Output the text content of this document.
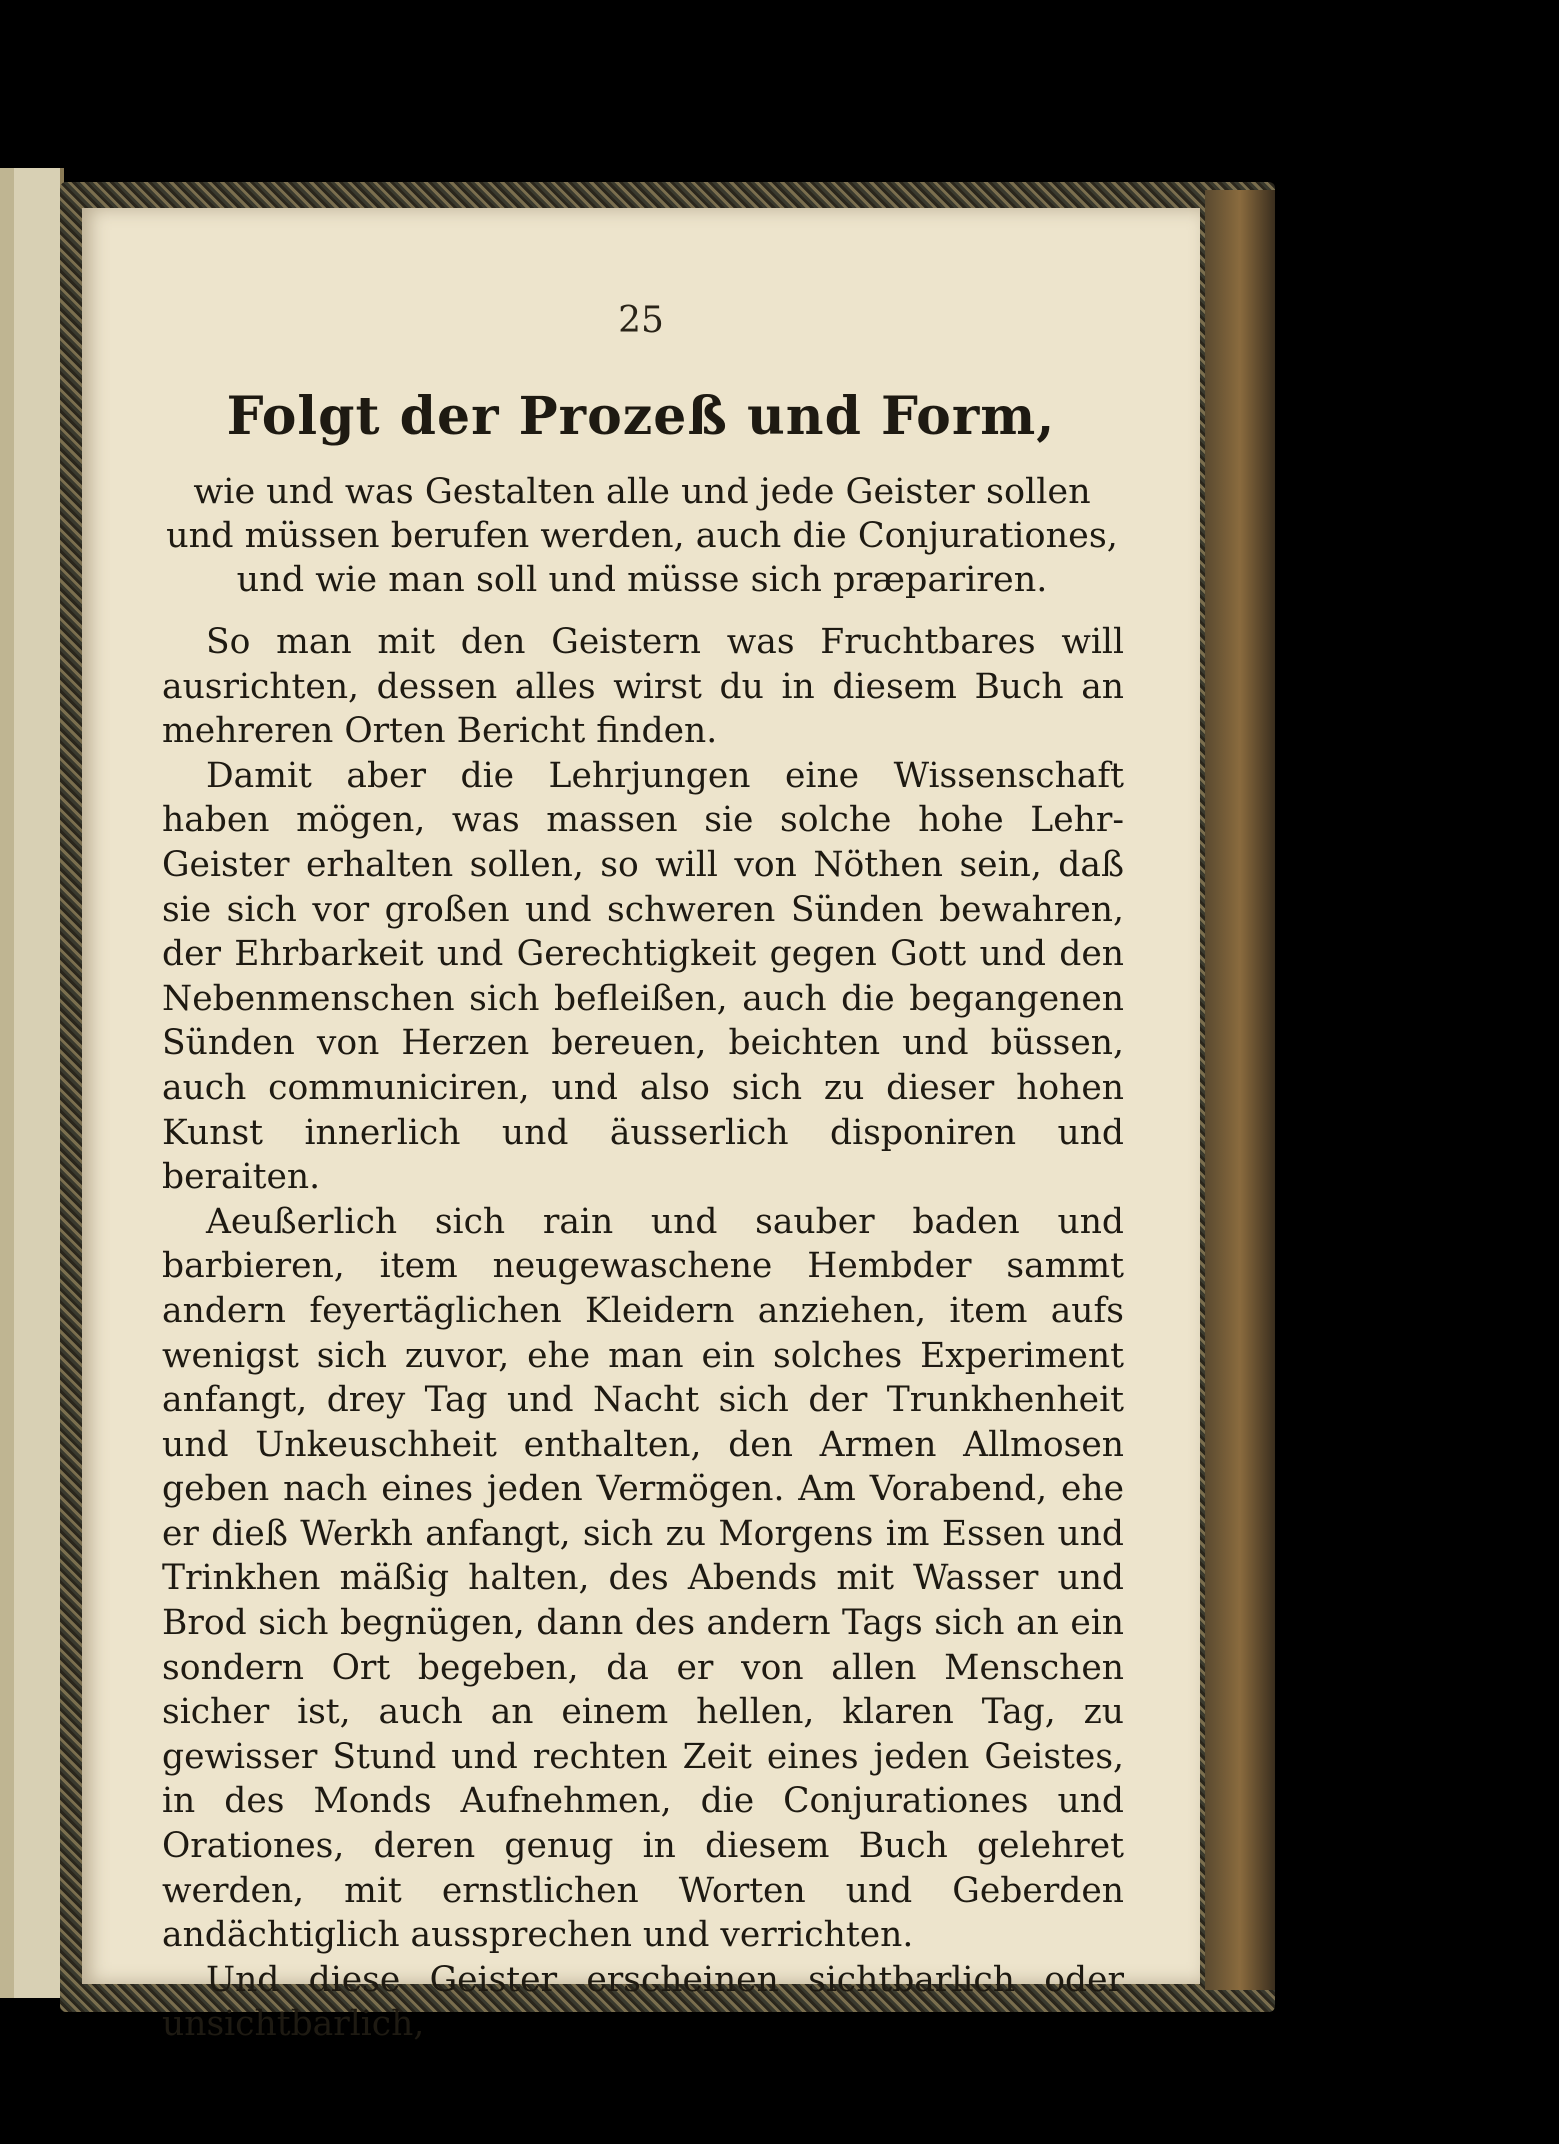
25
Folgt der Prozeß und Form,
wie und was Gestalten alle und jede Geister sollen und müssen berufen werden, auch die Conjurationes, und wie man soll und müsse sich præpariren.

So man mit den Geistern was Fruchtbares will ausrichten, dessen alles wirst du in diesem Buch an mehreren Orten Bericht finden.

Damit aber die Lehrjungen eine Wissenschaft haben mögen, was massen sie solche hohe Lehr-Geister erhalten sollen, so will von Nöthen sein, daß sie sich vor großen und schweren Sünden bewahren, der Ehrbarkeit und Gerechtigkeit gegen Gott und den Nebenmenschen sich befleißen, auch die begangenen Sünden von Herzen bereuen, beichten und büssen, auch communiciren, und also sich zu dieser hohen Kunst innerlich und äusserlich disponiren und beraiten.

Aeußerlich sich rain und sauber baden und barbieren, item neugewaschene Hembder sammt andern feyertäglichen Kleidern anziehen, item aufs wenigst sich zuvor, ehe man ein solches Experiment anfangt, drey Tag und Nacht sich der Trunkhenheit und Unkeuschheit enthalten, den Armen Allmosen geben nach eines jeden Vermögen. Am Vorabend, ehe er dieß Werkh anfangt, sich zu Morgens im Essen und Trinkhen mäßig halten, des Abends mit Wasser und Brod sich begnügen, dann des andern Tags sich an ein sondern Ort begeben, da er von allen Menschen sicher ist, auch an einem hellen, klaren Tag, zu gewisser Stund und rechten Zeit eines jeden Geistes, in des Monds Aufnehmen, die Conjurationes und Orationes, deren genug in diesem Buch gelehret werden, mit ernstlichen Worten und Geberden andächtiglich aussprechen und verrichten.

Und diese Geister erscheinen sichtbarlich oder unsichtbarlich,
